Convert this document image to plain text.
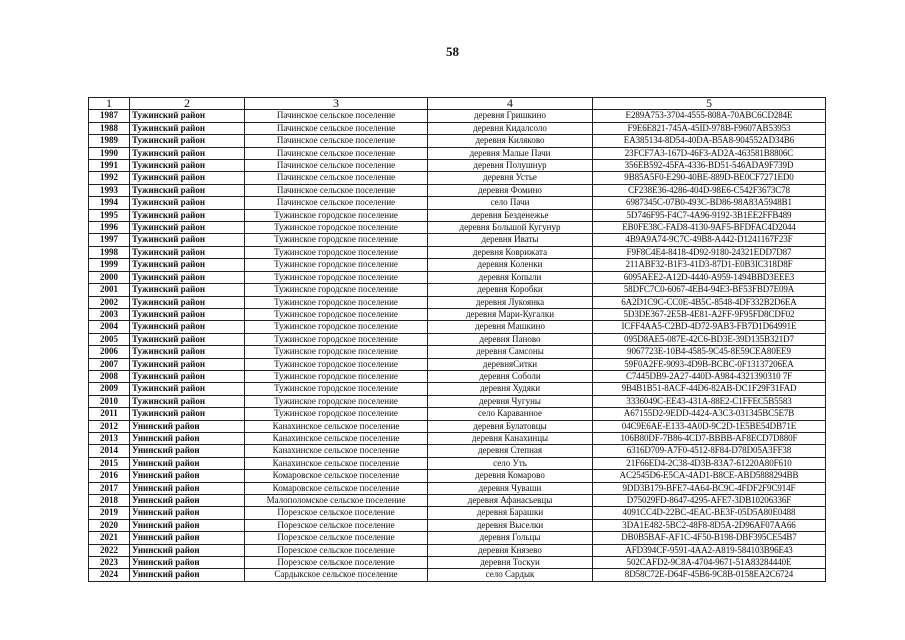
58
1	2	3	4	5
1987	Тужинский район	Пачинское сельское поселение	деревня Гришкино	E289A753-3704-4555-808A-70ABC6CD284E
1988	Тужинский район	Пачинское сельское поселение	деревня Кидалсоло	F9E6E821-745A-45ID-978B-F9607AB53953
1989	Тужинский район	Пачинское сельское поселение	деревня Киляково	EA385134-8D54-40DA-B5A8-904552AD34B6
1990	Тужинский район	Пачинское сельское поселение	деревня Малые Пачи	23FCF7A3-167D-46F3-AD2A-463581B8806C
1991	Тужинский район	Пачинское сельское поселение	деревня Полушнур	356EB592-45FA-4336-BD51-546ADA9F739D
1992	Тужинский район	Пачинское сельское поселение	деревня Устье	9B85A5F0-E290-40BE-889D-BE0CF7271ED0
1993	Тужинский район	Пачинское сельское поселение	деревня Фомино	CF238E36-4286-404D-98E6-C542F3673C78
1994	Тужинский район	Пачинское сельское поселение	село Пачи	6987345C-07B0-493C-BD86-98A83A5948B1
1995	Тужинский район	Тужинское городское поселение	деревня Безденежье	5D746F95-F4C7-4A96-9192-3B1EE2FFB489
1996	Тужинский район	Тужинское городское поселение	деревня Большой Кугунур	EB0FE38C-FAD8-4130-9AF5-BFDFAC4D2044
1997	Тужинский район	Тужинское городское поселение	деревня Иваты	4B9A9A74-9C7C-49B8-A442-D1241167F23F
1998	Тужинский район	Тужинское городское поселение	деревня Коврижата	F9F8C4E4-8418-4D92-9180-24321EDD7D87
1999	Тужинский район	Тужинское городское поселение	деревня Коленки	211ABF32-B1F3-41D3-87D1-E0B3IC318D8F
2000	Тужинский район	Тужинское городское поселение	деревня Копыли	6095AEE2-A12D-4440-A959-1494BBD3EEE3
2001	Тужинский район	Тужинское городское поселение	деревня Коробки	58DFC7C0-6067-4EB4-94E3-BF53FBD7E09A
2002	Тужинский район	Тужинское городское поселение	деревня Лукоянка	6A2D1C9C-CC0E-4B5C-8548-4DF332B2D6EA
2003	Тужинский район	Тужинское городское поселение	деревня Мари-Кугалки	5D3DE367-2E5B-4E81-A2FF-9F95FD8CDF02
2004	Тужинский район	Тужинское городское поселение	деревня Машкино	ICFF4AA5-C2BD-4D72-9AB3-FB7D1D64991E
2005	Тужинский район	Тужинское городское поселение	деревня Паново	095D8AE5-087E-42C6-BD3E-39D135B321D7
2006	Тужинский район	Тужинское городское поселение	деревня Самсоны	9067723E-10B4-4585-9C45-8E59CEA80EE9
2007	Тужинский район	Тужинское городское поселение	деревняСитки	59F0A2FE-9093-4D9B-BCBC-0F13137206EA
2008	Тужинский район	Тужинское городское поселение	деревня Соболи	C7445DB9-2A27-440D-A984-4321390310 7F
2009	Тужинский район	Тужинское городское поселение	деревня Худяки	9B4B1B51-8ACF-44D6-82AB-DC1F29F31FAD
2010	Тужинский район	Тужинское городское поселение	деревня Чугуны	3336049C-EE43-431A-88E2-C1FFEC5B5583
2011	Тужинский район	Тужинское городское поселение	село Караванное	A67155D2-9EDD-4424-A3C3-031345BC5E7B
2012	Унинский район	Канахинское сельское поселение	деревня Булатовцы	04C9E6AE-E133-4A0D-9C2D-1E5BE54DB71E
2013	Унинский район	Канахинское сельское поселение	деревня Канахинцы	106B80DF-7B86-4CD7-BBBB-AF8ECD7D880F
2014	Унинский район	Канахинское сельское поселение	деревня Степная	6316D709-A7F0-4512-8F84-D78D05A3FF38
2015	Унинский район	Канахинское сельское поселение	село Уть	21F66ED4-2C38-4D3B-83A7-61220A80F610
2016	Унинский район	Комаровское сельское поселение	деревня Комарово	AC2545D6-E5CA-4AD1-B8CE-ABD5888294BB
2017	Унинский район	Комаровское сельское поселение	деревня Чуваши	9DD3B179-BFE7-4A64-BC9C-4FDF2F9C914F
2018	Унинский район	Малополомское сельское поселение	деревня Афанасьевцы	D75029FD-8647-4295-AFE7-3DB10206336F
2019	Унинский район	Порезское сельское поселение	деревня Барашки	4091CC4D-22BC-4EAC-BE3F-05D5A80E0488
2020	Унинский район	Порезское сельское поселение	деревня Выселки	3DA1E482-5BC2-48F8-8D5A-2D96AF07AA66
2021	Унинский район	Порезское сельское поселение	деревня Гольцы	DB0B5BAF-AF1C-4F50-B198-DBF395CE54B7
2022	Унинский район	Порезское сельское поселение	деревня Князево	AFD394CF-9591-4AA2-A819-584103B96E43
2023	Унинский район	Порезское сельское поселение	деревня Тоскуи	502CAFD2-9C8A-4704-9671-51A83284440E
2024	Унинский район	Сардыкское сельское поселение	село Сардык	8D58C72E-D64F-45B6-9C8B-0158EA2C6724
